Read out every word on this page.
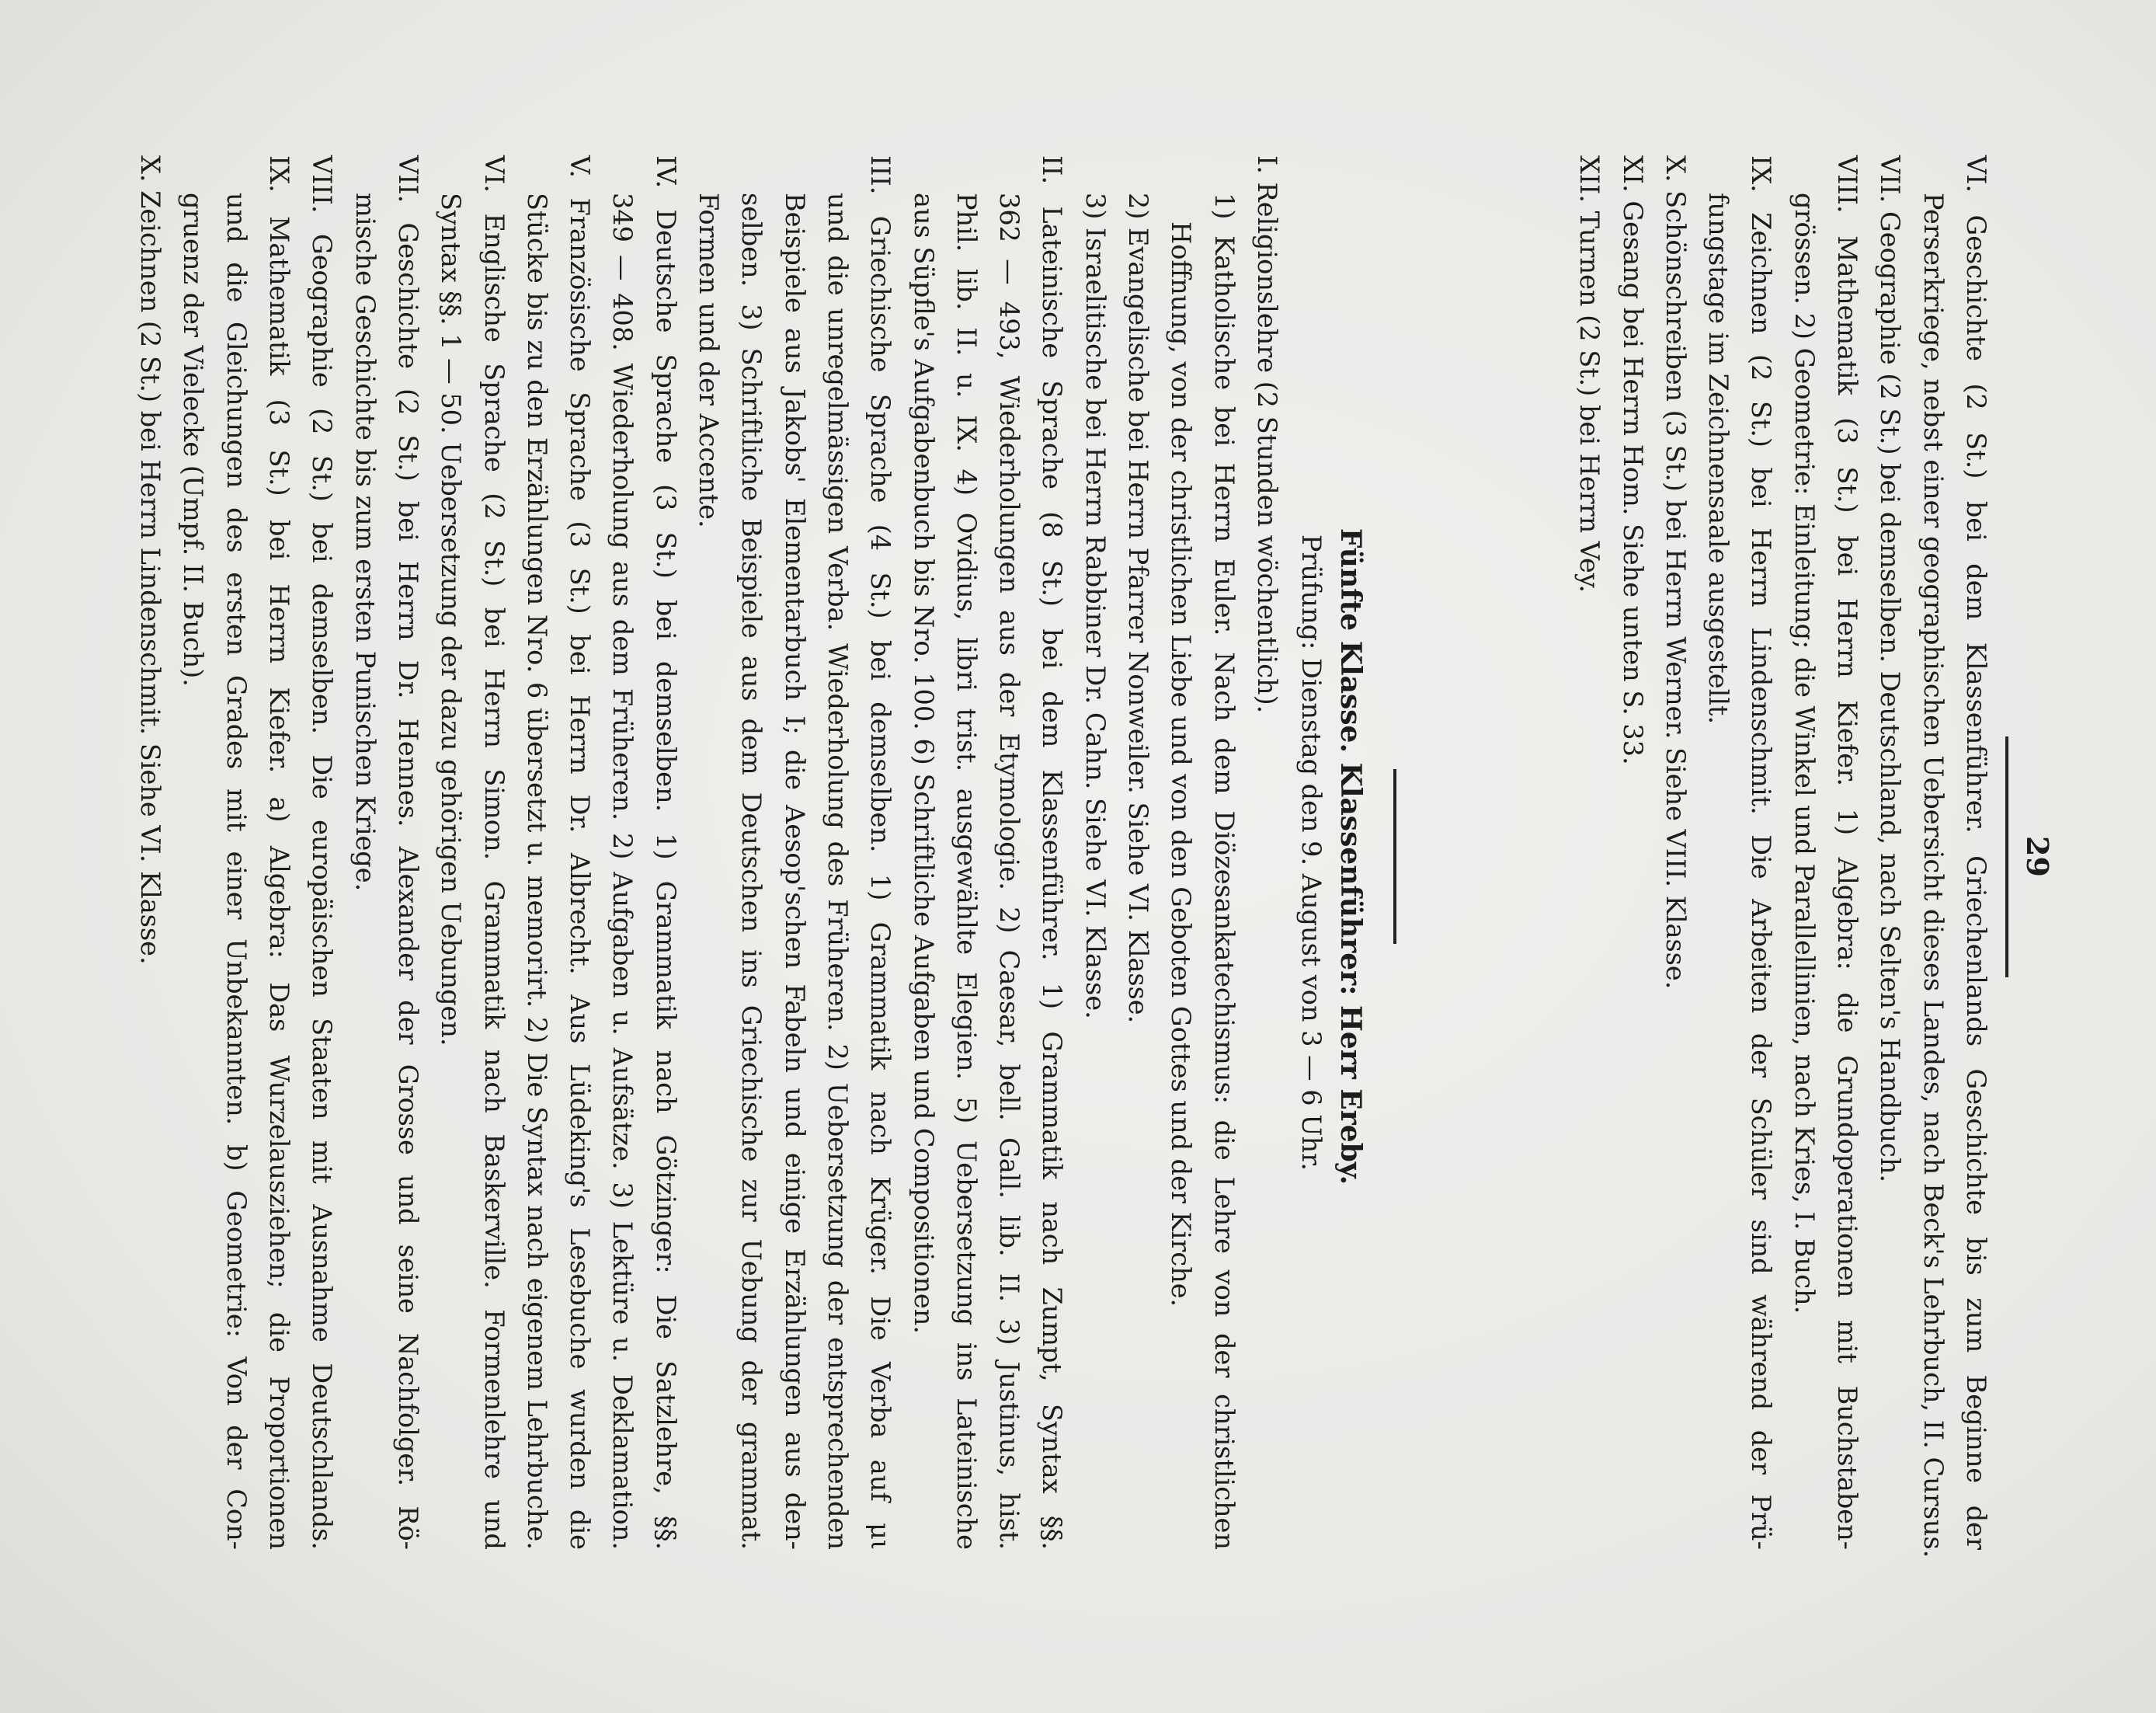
29
Fünfte Klasse. Klassenführer: Herr Ereby.
Prüfung: Dienstag den 9. August von 3 — 6 Uhr.	VI. Geschichte (2 St.) bei dem Klassenführer. Griechenlands Geschichte bis zum Beginne der
Perserkriege, nebst einer geographischen Uebersicht dieses Landes, nach Beck's Lehrbuch, II. Cursus.
VII. Geographie (2 St.) bei demselben. Deutschland, nach Selten's Handbuch.
VIII. Mathematik (3 St.) bei Herrn Kiefer. 1) Algebra: die Grundoperationen mit Buchstaben-
grössen. 2) Geometrie: Einleitung; die Winkel und Parallellinien, nach Kries, I. Buch.
IX. Zeichnen (2 St.) bei Herrn Lindenschmit. Die Arbeiten der Schüler sind während der Prü-
fungstage im Zeichnensaale ausgestellt.
X. Schönschreiben (3 St.) bei Herrn Werner. Siehe VIII. Klasse.
XI. Gesang bei Herrn Hom. Siehe unten S. 33.
XII. Turnen (2 St.) bei Herrn Vey.
I. Religionslehre (2 Stunden wöchentlich).
1) Katholische bei Herrn Euler. Nach dem Diözesankatechismus: die Lehre von der christlichen
Hoffnung, von der christlichen Liebe und von den Geboten Gottes und der Kirche.
2) Evangelische bei Herrn Pfarrer Nonweiler. Siehe VI. Klasse.
3) Israelitische bei Herrn Rabbiner Dr. Cahn. Siehe VI. Klasse.
II. Lateinische Sprache (8 St.) bei dem Klassenführer. 1) Grammatik nach Zumpt, Syntax §§.
362 — 493, Wiederholungen aus der Etymologie. 2) Caesar, bell. Gall. lib. II. 3) Justinus, hist.
Phil. lib. II. u. IX. 4) Ovidius, libri trist. ausgewählte Elegien. 5) Uebersetzung ins Lateinische
aus Süpfle's Aufgabenbuch bis Nro. 100. 6) Schriftliche Aufgaben und Compositionen.
III. Griechische Sprache (4 St.) bei demselben. 1) Grammatik nach Krüger. Die Verba auf μι
und die unregelmässigen Verba. Wiederholung des Früheren. 2) Uebersetzung der entsprechenden
Beispiele aus Jakobs' Elementarbuch I; die Aesop'schen Fabeln und einige Erzählungen aus den-
selben. 3) Schriftliche Beispiele aus dem Deutschen ins Griechische zur Uebung der grammat.
Formen und der Accente.
IV. Deutsche Sprache (3 St.) bei demselben. 1) Grammatik nach Götzinger: Die Satzlehre, §§.
349 — 408. Wiederholung aus dem Früheren. 2) Aufgaben u. Aufsätze. 3) Lektüre u. Deklamation.
V. Französische Sprache (3 St.) bei Herrn Dr. Albrecht. Aus Lüdeking's Lesebuche wurden die
Stücke bis zu den Erzählungen Nro. 6 übersetzt u. memorirt. 2) Die Syntax nach eigenem Lehrbuche.
VI. Englische Sprache (2 St.) bei Herrn Simon. Grammatik nach Baskerville. Formenlehre und
Syntax §§. 1 — 50. Uebersetzung der dazu gehörigen Uebungen.
VII. Geschichte (2 St.) bei Herrn Dr. Hennes. Alexander der Grosse und seine Nachfolger. Rö-
mische Geschichte bis zum ersten Punischen Kriege.
VIII. Geographie (2 St.) bei demselben. Die europäischen Staaten mit Ausnahme Deutschlands.
IX. Mathematik (3 St.) bei Herrn Kiefer. a) Algebra: Das Wurzelausziehen; die Proportionen
und die Gleichungen des ersten Grades mit einer Unbekannten. b) Geometrie: Von der Con-
gruenz der Vielecke (Umpf. II. Buch).
X. Zeichnen (2 St.) bei Herrn Lindenschmit. Siehe VI. Klasse.
